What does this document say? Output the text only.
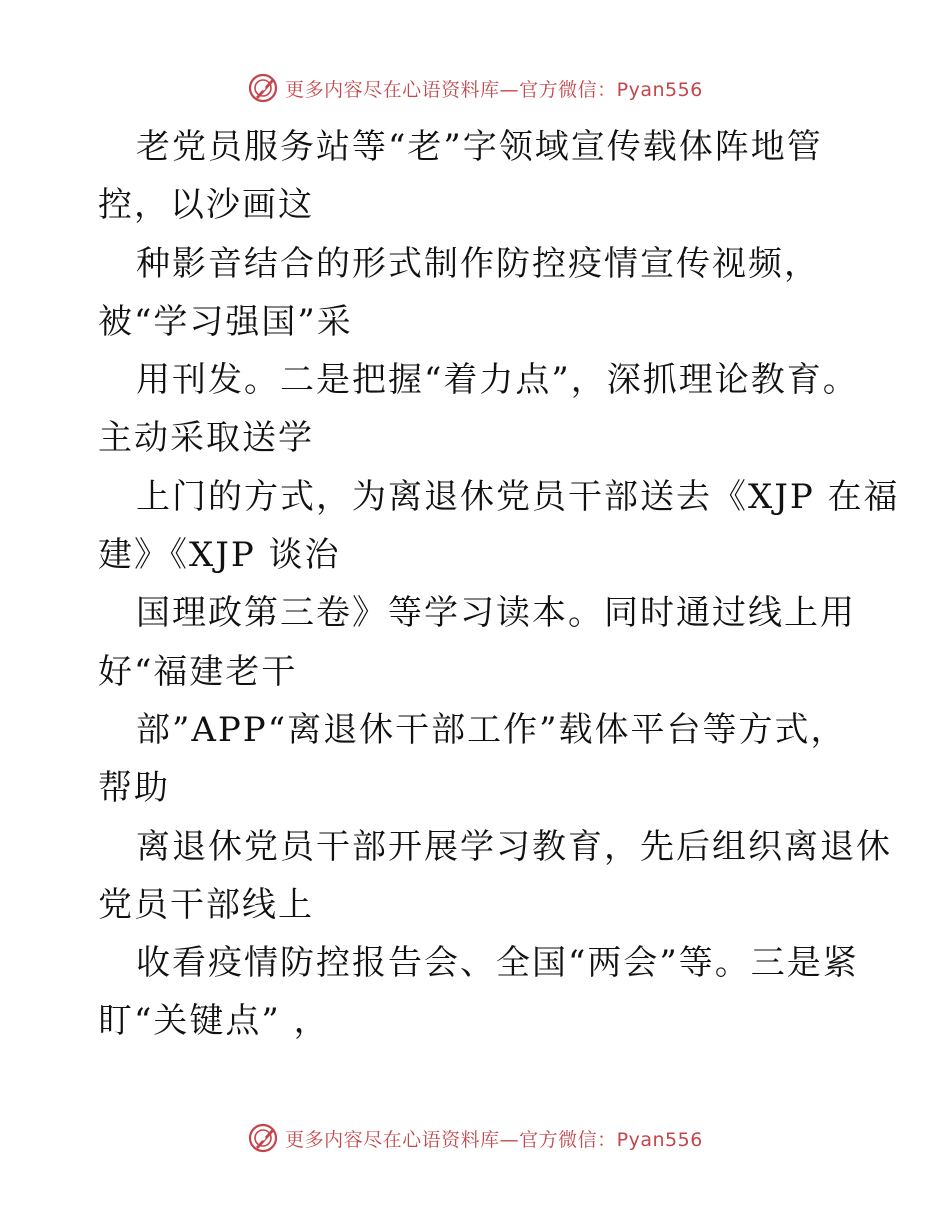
更多内容尽在心语资料库—官方微信：Pyan556
老党员服务站等“老”字领域宣传载体阵地管
控，以沙画这
种影音结合的形式制作防控疫情宣传视频，
被“学习强国”采
用刊发。二是把握“着力点”，深抓理论教育。
主动采取送学
上门的方式，为离退休党员干部送去《XJP 在福
建》《XJP 谈治
国理政第三卷》等学习读本。同时通过线上用
好“福建老干
部”APP“离退休干部工作”载体平台等方式，
帮助
离退休党员干部开展学习教育，先后组织离退休
党员干部线上
收看疫情防控报告会、全国“两会”等。三是紧
盯“关键点” ，
更多内容尽在心语资料库—官方微信：Pyan556
